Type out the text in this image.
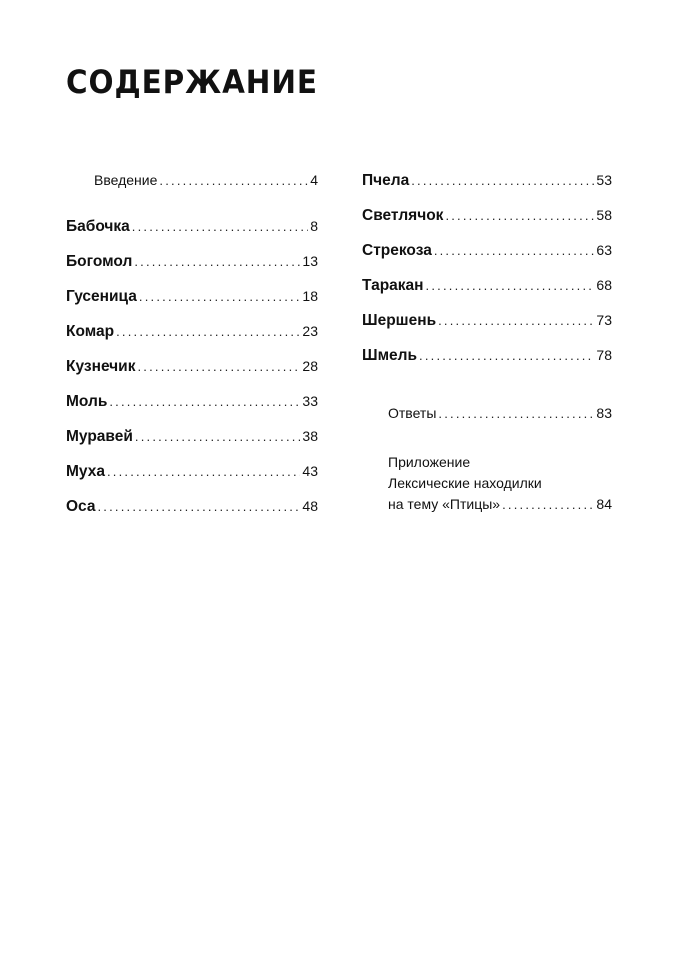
СОДЕРЖАНИЕ
Введение .....	4
Бабочка .....	8
Богомол .....	13
Гусеница .....	18
Комар .....	23
Кузнечик .....	28
Моль .....	33
Муравей .....	38
Муха .....	43
Оса .....	48
Пчела .....	53
Светлячок .....	58
Стрекоза .....	63
Таракан .....	68
Шершень .....	73
Шмель .....	78
Ответы .....	83
Приложение
Лексические находилки
на тему «Птицы» .....	84
